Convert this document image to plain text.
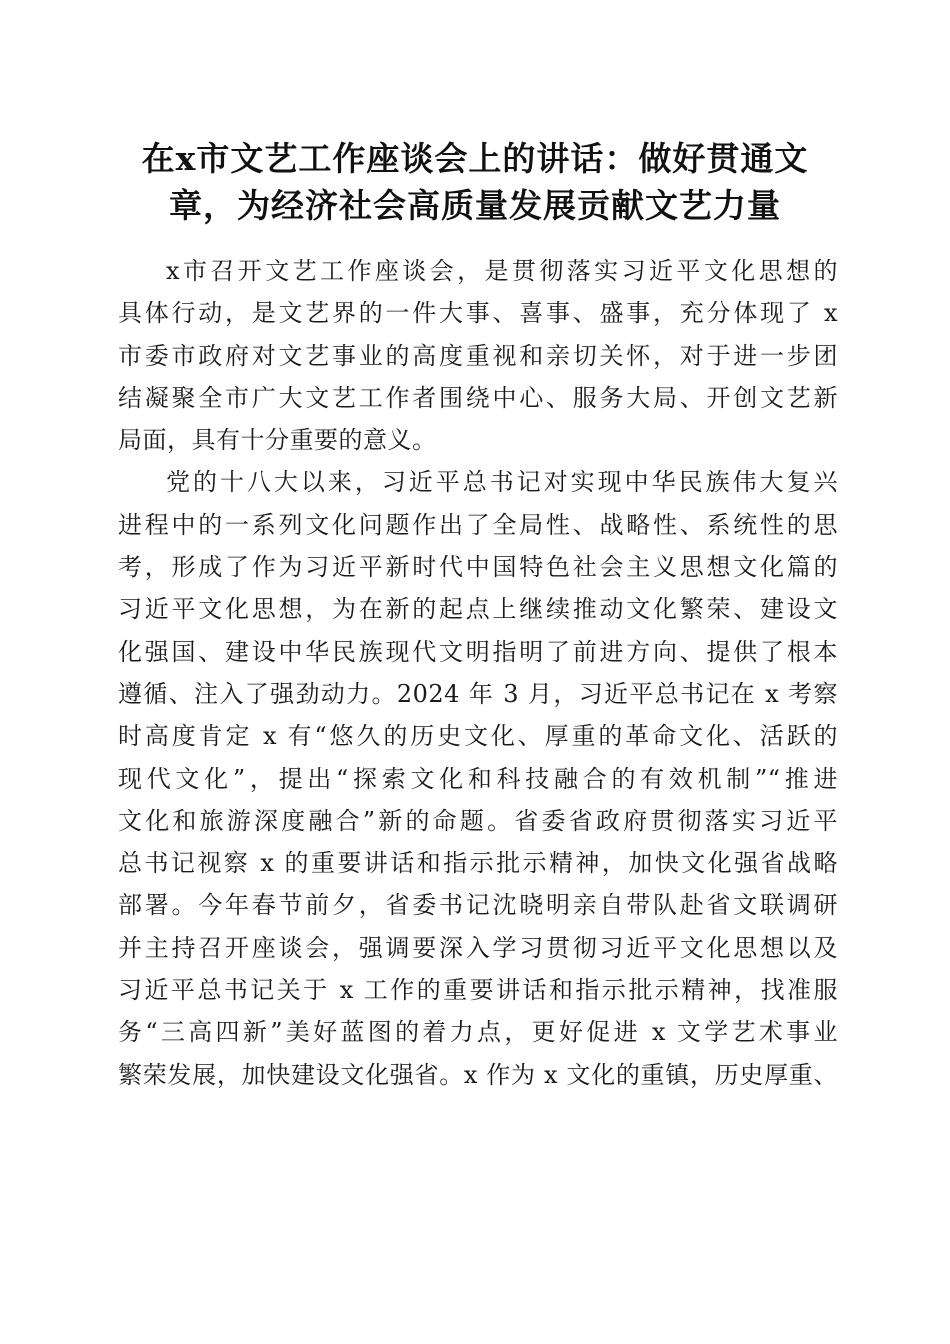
在x市文艺工作座谈会上的讲话：做好贯通文
章，为经济社会高质量发展贡献文艺力量
x市召开文艺工作座谈会，是贯彻落实习近平文化思想的
具体行动，是文艺界的一件大事、喜事、盛事，充分体现了 x
市委市政府对文艺事业的高度重视和亲切关怀，对于进一步团
结凝聚全市广大文艺工作者围绕中心、服务大局、开创文艺新
局面，具有十分重要的意义。
党的十八大以来，习近平总书记对实现中华民族伟大复兴
进程中的一系列文化问题作出了全局性、战略性、系统性的思
考，形成了作为习近平新时代中国特色社会主义思想文化篇的
习近平文化思想，为在新的起点上继续推动文化繁荣、建设文
化强国、建设中华民族现代文明指明了前进方向、提供了根本
遵循、注入了强劲动力。2024 年 3 月，习近平总书记在 x 考察
时高度肯定 x 有“悠久的历史文化、厚重的革命文化、活跃的
现代文化”，提出“探索文化和科技融合的有效机制”“推进
文化和旅游深度融合”新的命题。省委省政府贯彻落实习近平
总书记视察 x 的重要讲话和指示批示精神，加快文化强省战略
部署。今年春节前夕，省委书记沈晓明亲自带队赴省文联调研
并主持召开座谈会，强调要深入学习贯彻习近平文化思想以及
习近平总书记关于 x 工作的重要讲话和指示批示精神，找准服
务“三高四新”美好蓝图的着力点，更好促进 x 文学艺术事业
繁荣发展，加快建设文化强省。x 作为 x 文化的重镇，历史厚重、
